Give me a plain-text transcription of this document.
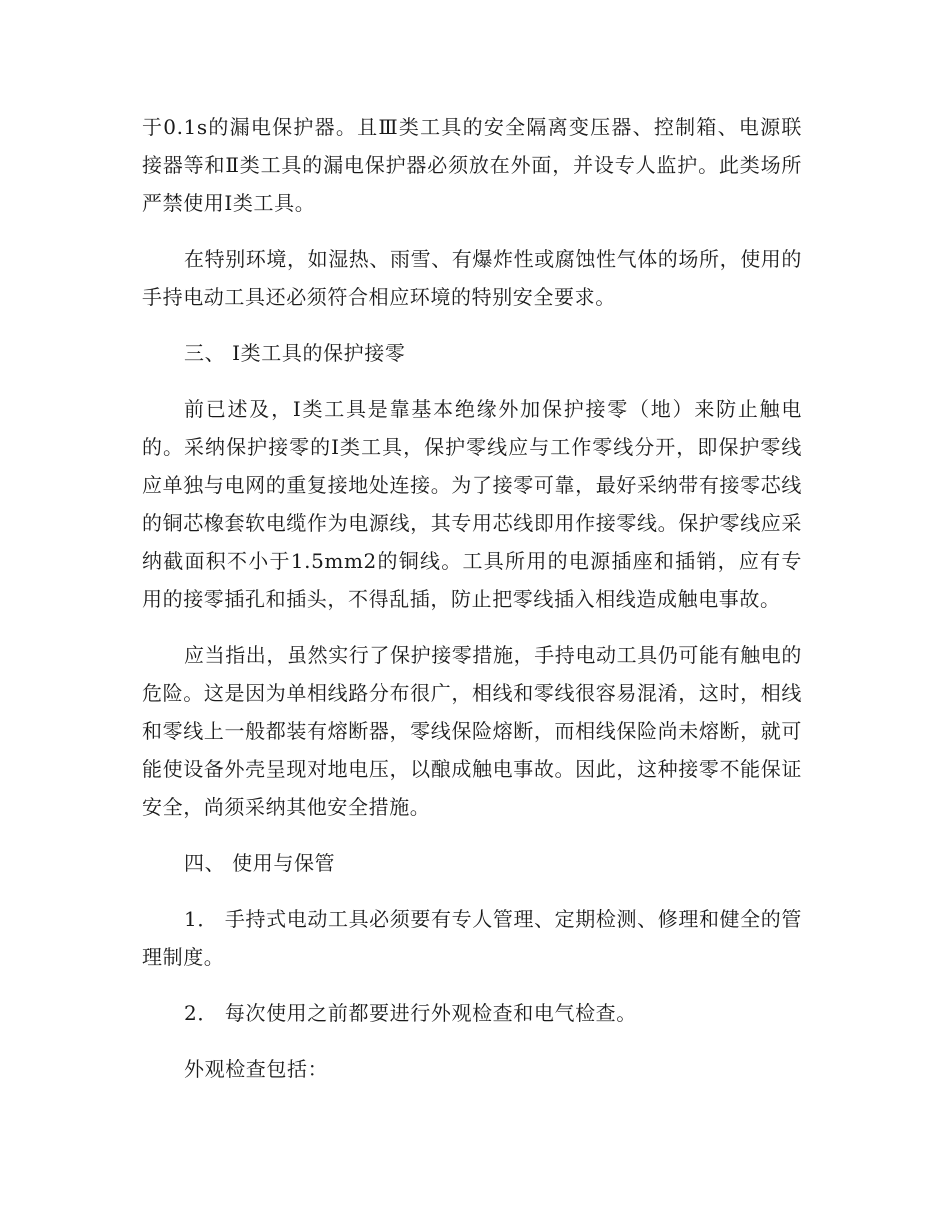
于0.1s的漏电保护器。且Ⅲ类工具的安全隔离变压器、控制箱、电源联接器等和Ⅱ类工具的漏电保护器必须放在外面，并设专人监护。此类场所严禁使用Ⅰ类工具。

在特别环境，如湿热、雨雪、有爆炸性或腐蚀性气体的场所，使用的手持电动工具还必须符合相应环境的特别安全要求。

三、 Ⅰ类工具的保护接零

前已述及，Ⅰ类工具是靠基本绝缘外加保护接零（地）来防止触电的。采纳保护接零的Ⅰ类工具，保护零线应与工作零线分开，即保护零线应单独与电网的重复接地处连接。为了接零可靠，最好采纳带有接零芯线的铜芯橡套软电缆作为电源线，其专用芯线即用作接零线。保护零线应采纳截面积不小于1.5mm2的铜线。工具所用的电源插座和插销，应有专用的接零插孔和插头，不得乱插，防止把零线插入相线造成触电事故。

应当指出，虽然实行了保护接零措施，手持电动工具仍可能有触电的危险。这是因为单相线路分布很广，相线和零线很容易混淆，这时，相线和零线上一般都装有熔断器，零线保险熔断，而相线保险尚未熔断，就可能使设备外壳呈现对地电压，以酿成触电事故。因此，这种接零不能保证安全，尚须采纳其他安全措施。

四、 使用与保管

1． 手持式电动工具必须要有专人管理、定期检测、修理和健全的管理制度。

2． 每次使用之前都要进行外观检查和电气检查。

外观检查包括：
